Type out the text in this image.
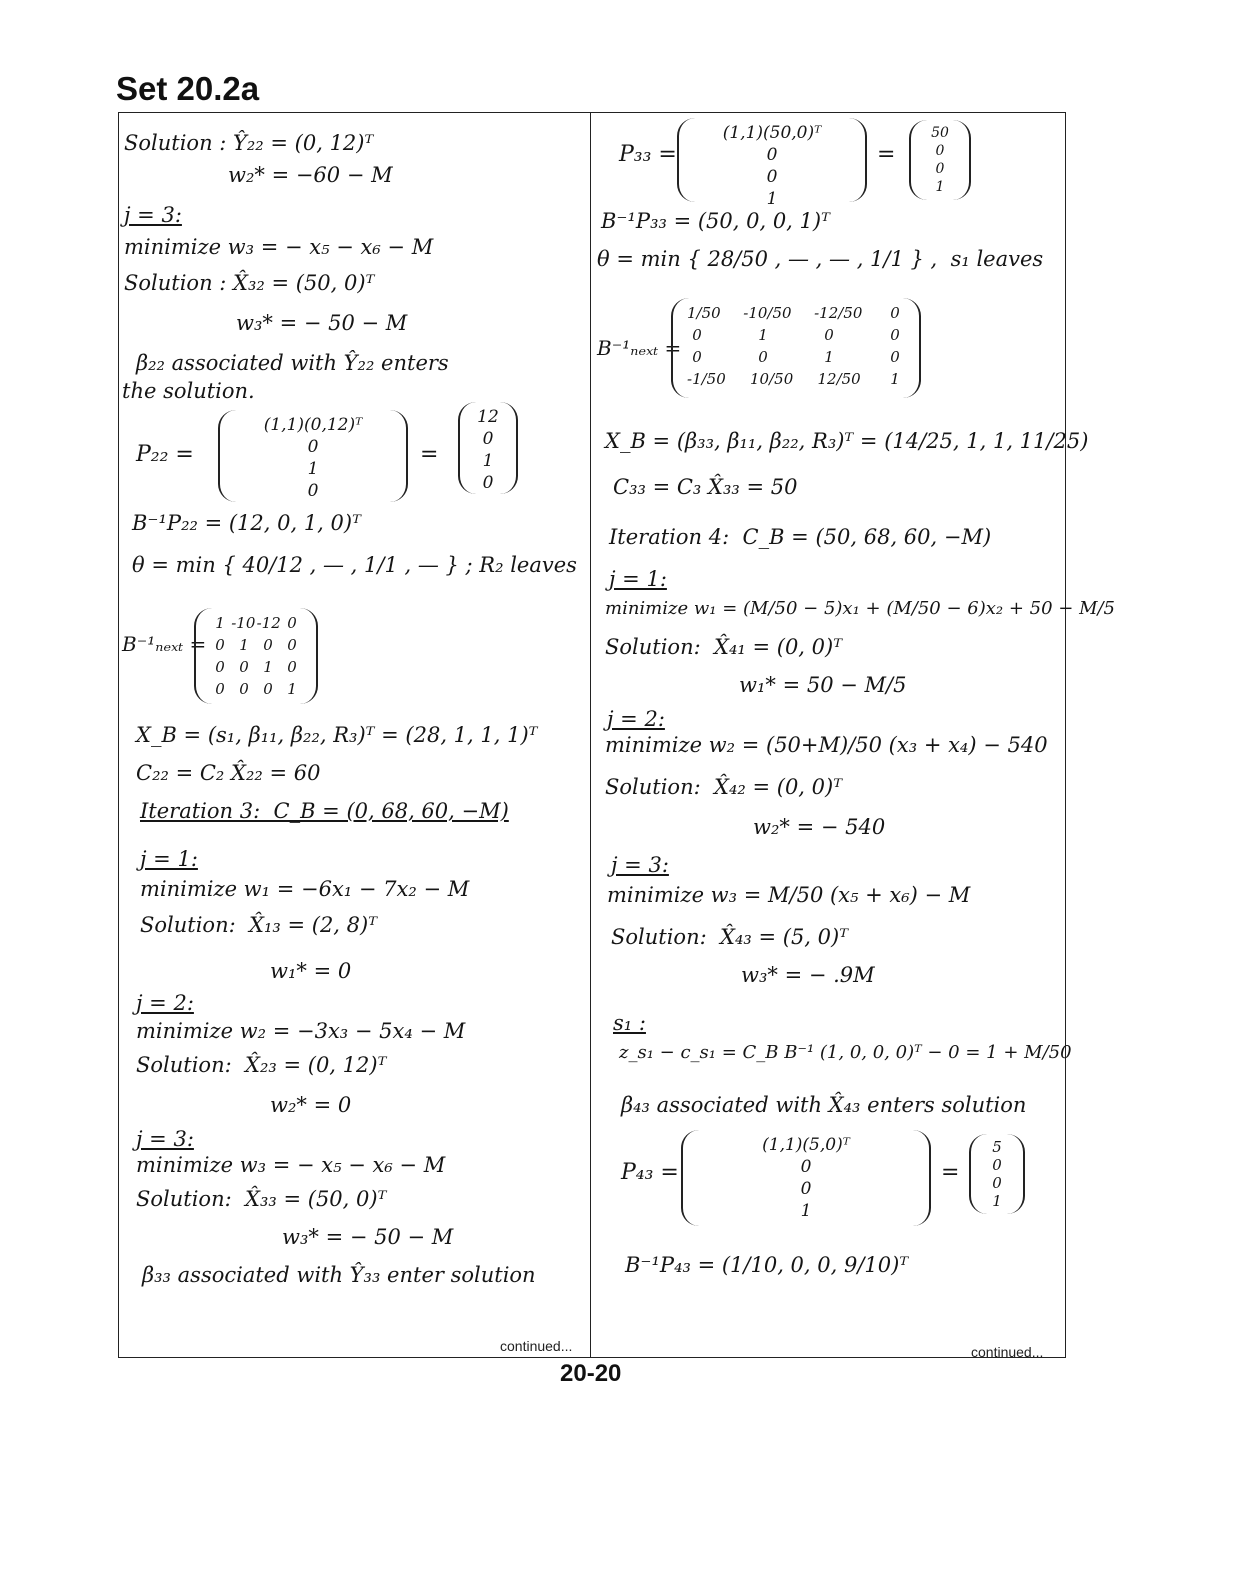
Set 20.2a
Solution : Ŷ₂₂ = (0, 12)ᵀ
w₂* = −60 − M
j = 3:
minimize w₃ = − x₅ − x₆ − M
Solution : X̂₃₂ = (50, 0)ᵀ
w₃* = − 50 − M
β₂₂ associated with Ŷ₂₂ enters
the solution.
P₂₂ =
(1,1)(0,12)ᵀ
0
1
0
=
12
0
1
0
B⁻¹P₂₂ = (12, 0, 1, 0)ᵀ
θ = min { 40/12 , — , 1/1 , — } ; R₂ leaves
B⁻¹ₙₑₓₜ =
1 -10 -12 0
0 1 0 0
0 0 1 0
0 0 0 1
X_B = (s₁, β₁₁, β₂₂, R₃)ᵀ = (28, 1, 1, 1)ᵀ
C₂₂ = C₂ X̂₂₂ = 60
Iteration 3:  C_B = (0, 68, 60, −M)
j = 1:
minimize w₁ = −6x₁ − 7x₂ − M
Solution:  X̂₁₃ = (2, 8)ᵀ
w₁* = 0
j = 2:
minimize w₂ = −3x₃ − 5x₄ − M
Solution:  X̂₂₃ = (0, 12)ᵀ
w₂* = 0
j = 3:
minimize w₃ = − x₅ − x₆ − M
Solution:  X̂₃₃ = (50, 0)ᵀ
w₃* = − 50 − M
β₃₃ associated with Ŷ₃₃ enter solution
continued...
P₃₃ =
(1,1)(50,0)ᵀ
0
0
1
=
50
0
0
1
B⁻¹P₃₃ = (50, 0, 0, 1)ᵀ
θ = min { 28/50 , — , — , 1/1 } ,  s₁ leaves
B⁻¹ₙₑₓₜ =
1/50 -10/50 -12/50	0
0	1	0	0
0	0	1	0
-1/50 10/50 12/50	1
X_B = (β₃₃, β₁₁, β₂₂, R₃)ᵀ = (14/25, 1, 1, 11/25)
C₃₃ = C₃ X̂₃₃ = 50
Iteration 4:  C_B = (50, 68, 60, −M)
j = 1:
minimize w₁ = (M/50 − 5)x₁ + (M/50 − 6)x₂ + 50 − M/5
Solution:  X̂₄₁ = (0, 0)ᵀ
w₁* = 50 − M/5
j = 2:
minimize w₂ = (50+M)/50 (x₃ + x₄) − 540
Solution:  X̂₄₂ = (0, 0)ᵀ
w₂* = − 540
j = 3:
minimize w₃ = M/50 (x₅ + x₆) − M
Solution:  X̂₄₃ = (5, 0)ᵀ
w₃* = − .9M
s₁ :
z_s₁ − c_s₁ = C_B B⁻¹ (1, 0, 0, 0)ᵀ − 0 = 1 + M/50
β₄₃ associated with X̂₄₃ enters solution
P₄₃ =
(1,1)(5,0)ᵀ
0
0
1
=
5
0
0
1
B⁻¹P₄₃ = (1/10, 0, 0, 9/10)ᵀ
continued...
20-20
